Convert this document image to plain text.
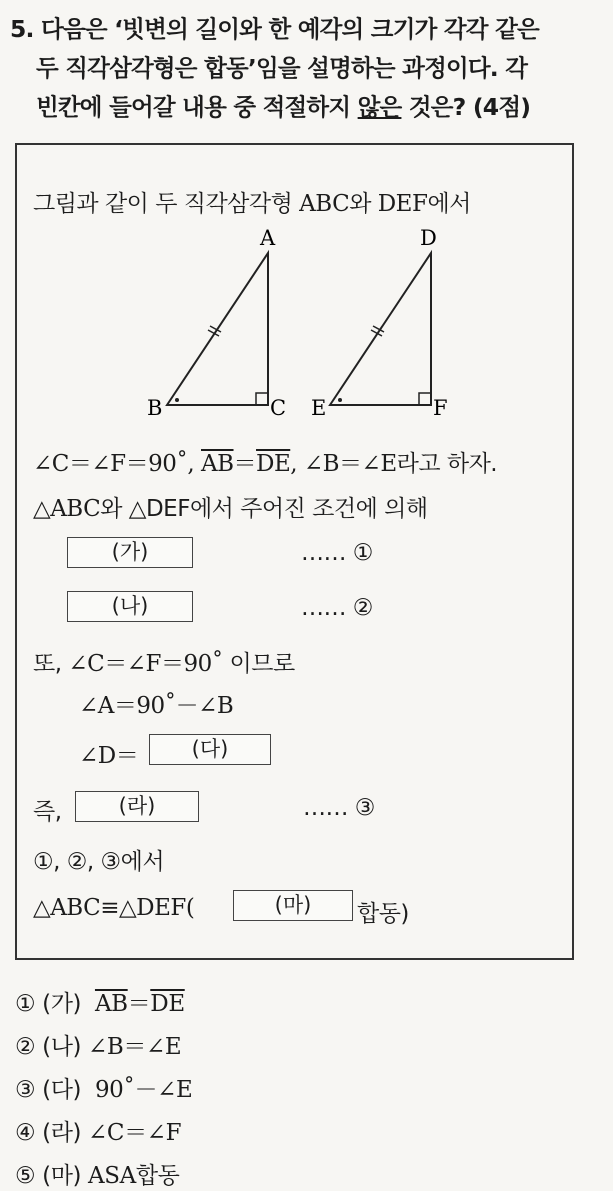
5. 다음은 ‘빗변의 길이와 한 예각의 크기가 각각 같은
두 직각삼각형은 합동’임을 설명하는 과정이다. 각
빈칸에 들어갈 내용 중 적절하지 않은 것은? (4점)
그림과 같이 두 직각삼각형 ABC와 DEF에서
A
B	C
D
E	F
∠C＝∠F＝90˚, $\overline{AB}=\overline{DE}$, ∠B＝∠E라고 하자.
△ABC와 △DEF에서 주어진 조건에 의해
(가)	…… ①
(나)	…… ②
또, ∠C＝∠F＝90˚ 이므로
∠A＝90˚－∠B
∠D＝	(다)
즉,	(라)	…… ③
①, ②, ③에서
△ABC≡△DEF(	(마)	합동)
① (가) $\overline{AB}=\overline{DE}$
② (나) ∠B＝∠E
③ (다) 90˚－∠E
④ (라) ∠C＝∠F
⑤ (마) ASA합동
